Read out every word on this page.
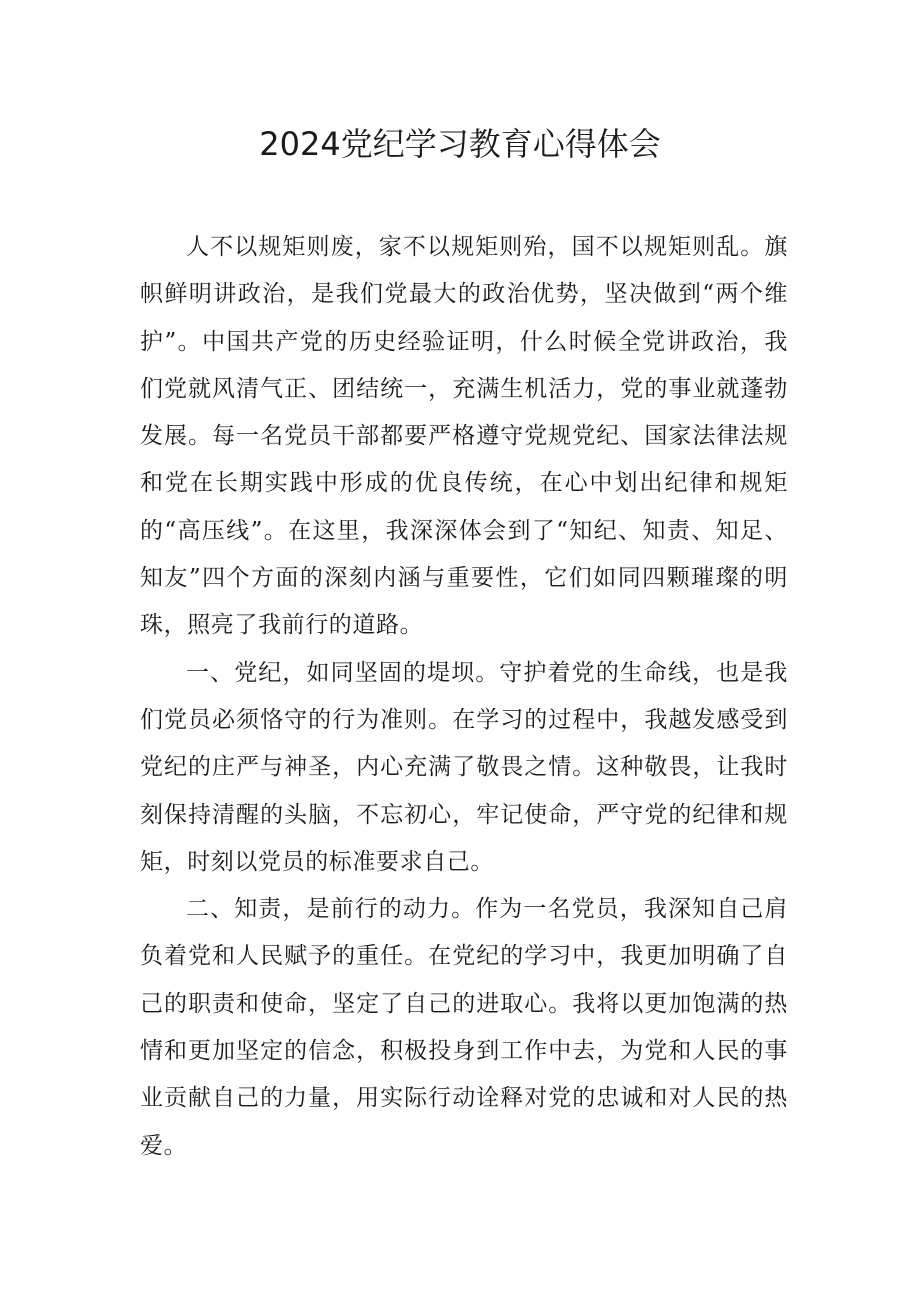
2024党纪学习教育心得体会

人不以规矩则废，家不以规矩则殆，国不以规矩则乱。旗帜鲜明讲政治，是我们党最大的政治优势，坚决做到“两个维护”。中国共产党的历史经验证明，什么时候全党讲政治，我们党就风清气正、团结统一，充满生机活力，党的事业就蓬勃发展。每一名党员干部都要严格遵守党规党纪、国家法律法规和党在长期实践中形成的优良传统，在心中划出纪律和规矩的“高压线”。在这里，我深深体会到了“知纪、知责、知足、知友”四个方面的深刻内涵与重要性，它们如同四颗璀璨的明珠，照亮了我前行的道路。

一、党纪，如同坚固的堤坝。守护着党的生命线，也是我们党员必须恪守的行为准则。在学习的过程中，我越发感受到党纪的庄严与神圣，内心充满了敬畏之情。这种敬畏，让我时刻保持清醒的头脑，不忘初心，牢记使命，严守党的纪律和规矩，时刻以党员的标准要求自己。

二、知责，是前行的动力。作为一名党员，我深知自己肩负着党和人民赋予的重任。在党纪的学习中，我更加明确了自己的职责和使命，坚定了自己的进取心。我将以更加饱满的热情和更加坚定的信念，积极投身到工作中去，为党和人民的事业贡献自己的力量，用实际行动诠释对党的忠诚和对人民的热爱。
